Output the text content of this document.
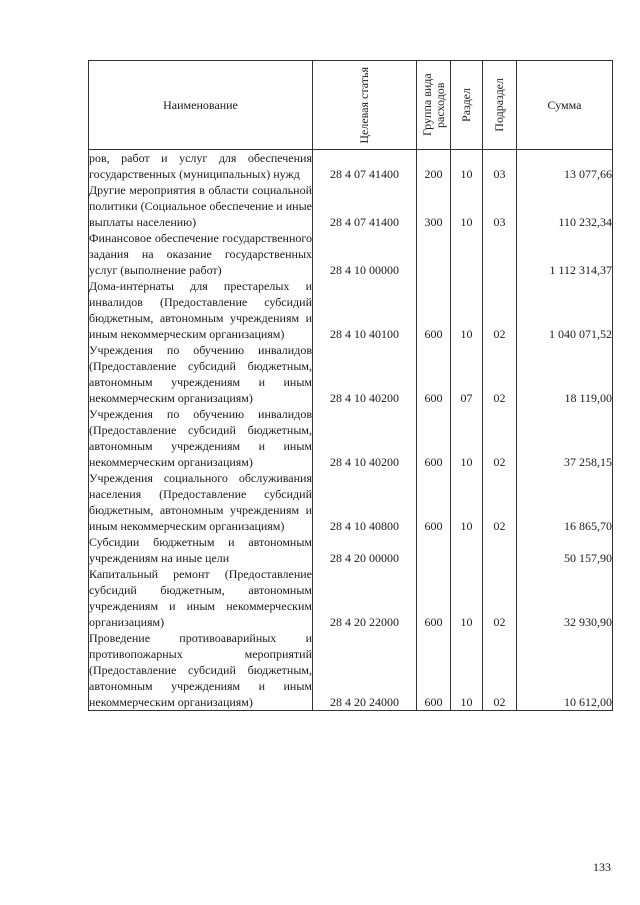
Наименование	Целевая статья	Группа вида расходов	Раздел	Подраздел	Сумма

ров, работ и услуг для обеспечения государственных (муниципальных) нужд	28 4 07 41400	200	10	03	13 077,66
Другие мероприятия в области социальной политики (Социальное обеспечение и иные выплаты населению)	28 4 07 41400	300	10	03	110 232,34
Финансовое обеспечение государственного задания на оказание государственных услуг (выполнение работ)	28 4 10 00000				1 112 314,37
Дома-интернаты для престарелых и инвалидов (Предоставление субсидий бюджетным, автономным учреждениям и иным некоммерческим организациям)	28 4 10 40100	600	10	02	1 040 071,52
Учреждения по обучению инвалидов (Предоставление субсидий бюджетным, автономным учреждениям и иным некоммерческим организациям)	28 4 10 40200	600	07	02	18 119,00
Учреждения по обучению инвалидов (Предоставление субсидий бюджетным, автономным учреждениям и иным некоммерческим организациям)	28 4 10 40200	600	10	02	37 258,15
Учреждения социального обслуживания населения (Предоставление субсидий бюджетным, автономным учреждениям и иным некоммерческим организациям)	28 4 10 40800	600	10	02	16 865,70
Субсидии бюджетным и автономным учреждениям на иные цели	28 4 20 00000				50 157,90
Капитальный ремонт (Предоставление субсидий бюджетным, автономным учреждениям и иным некоммерческим организациям)	28 4 20 22000	600	10	02	32 930,90
Проведение противоаварийных и противопожарных мероприятий (Предоставление субсидий бюджетным, автономным учреждениям и иным некоммерческим организациям)	28 4 20 24000	600	10	02	10 612,00
133
